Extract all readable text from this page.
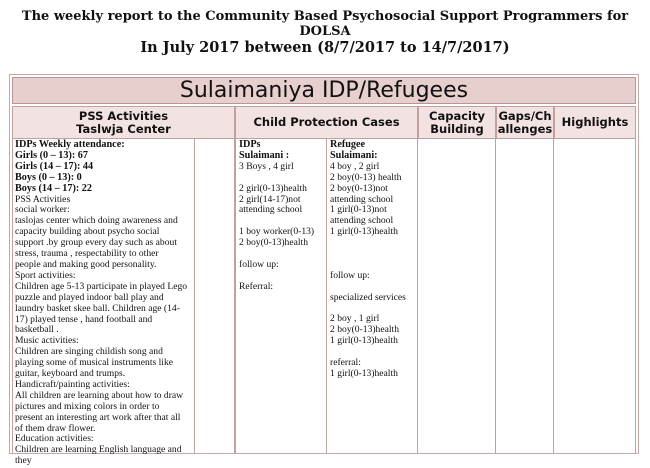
The weekly report to the Community Based Psychosocial Support Programmers for DOLSA
In July 2017 between (8/7/2017 to 14/7/2017)
Sulaimaniya IDP/Refugees
PSS Activities
Taslwja Center	Child Protection Cases	Capacity
Building
Gaps/Ch
allenges Highlights

IDPs Weekly attendance:

Girls (0 – 13): 67

Girls (14 – 17): 44

Boys (0 – 13): 0

Boys (14 – 17): 22

PSS Activities

social worker:

taslojas center which doing awareness and

capacity building about psycho social

support .by group every day such as about

stress, trauma , respectability to other

people and making good personality.

Sport activities:

Children age 5-13 participate in played Lego

puzzle and played indoor ball play and

laundry basket skee ball. Children age (14-

17) played tense , hand football and

basketball .

Music activities:

Children are singing childish song and

playing some of musical instruments like

guitar, keyboard and trumps.

Handicraft/painting activities:

All children are learning about how to draw

pictures and mixing colors in order to

present an interesting art work after that all

of them draw flower.

Education activities:

Children are learning English language and they

IDPs

Sulaimani :

3 Boys , 4 girl

2 girl(0-13)health

2 girl(14-17)not

attending school

1 boy worker(0-13)

2 boy(0-13)health

follow up:

Referral:

Refugee

Sulaimani:

4 boy , 2 girl

2 boy(0-13) health

2 boy(0-13)not

attending school

1 girl(0-13)not

attending school

1 girl(0-13)health

follow up:

specialized services

2 boy , 1 girl

2 boy(0-13)health

1 girl(0-13)health

referral:

1 girl(0-13)health
